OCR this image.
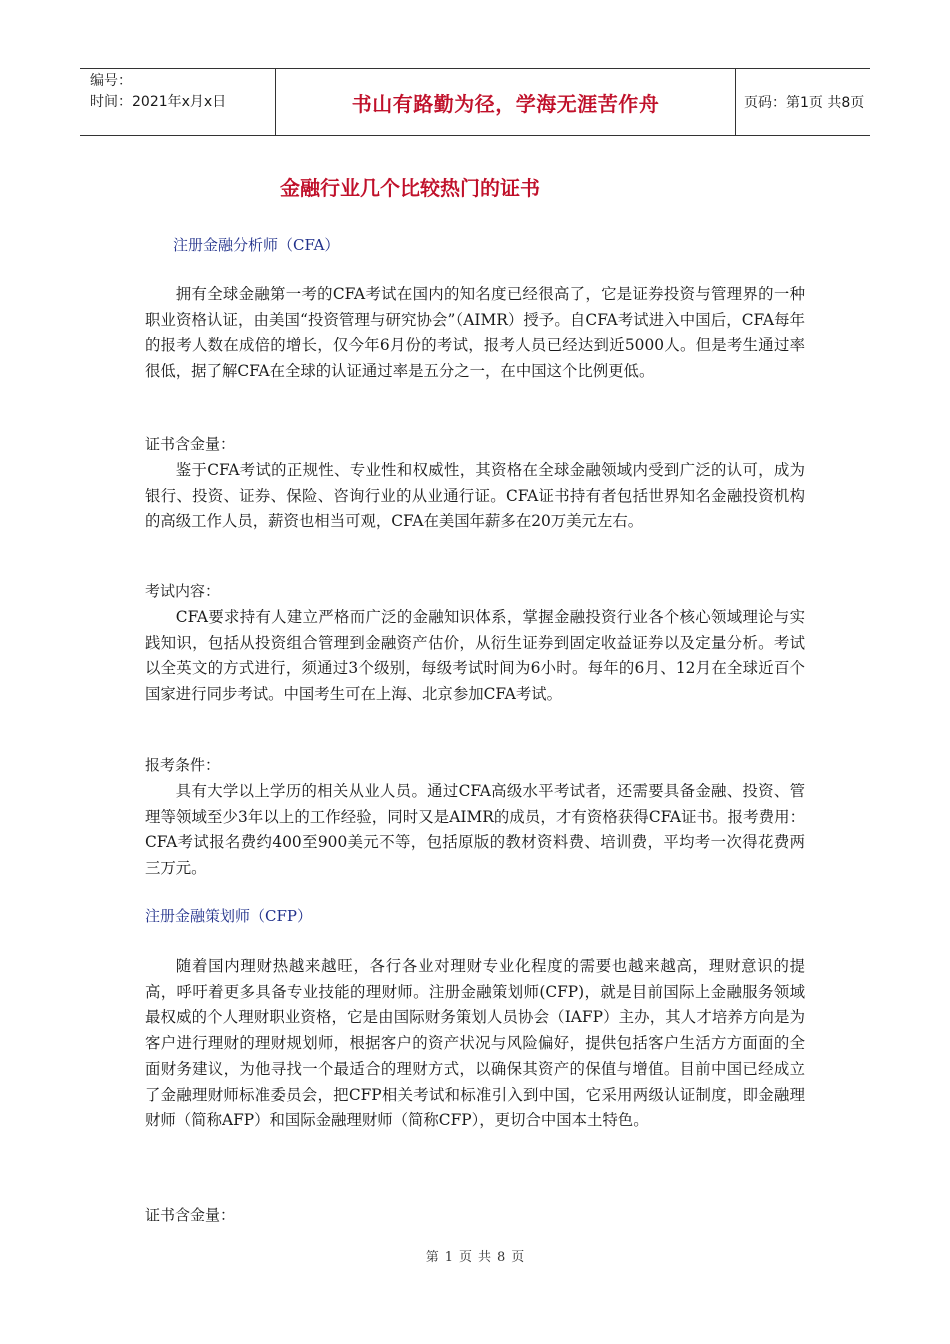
编号：
时间：2021年x月x日	书山有路勤为径，学海无涯苦作舟	页码：第1页 共8页
金融行业几个比较热门的证书
注册金融分析师（CFA）

拥有全球金融第一考的CFA考试在国内的知名度已经很高了，它是证券投资与管理界的一种职业资格认证，由美国“投资管理与研究协会”（AIMR）授予。自CFA考试进入中国后，CFA每年的报考人数在成倍的增长，仅今年6月份的考试，报考人员已经达到近5000人。但是考生通过率很低，据了解CFA在全球的认证通过率是五分之一，在中国这个比例更低。

证书含金量：

鉴于CFA考试的正规性、专业性和权威性，其资格在全球金融领域内受到广泛的认可，成为银行、投资、证券、保险、咨询行业的从业通行证。CFA证书持有者包括世界知名金融投资机构的高级工作人员，薪资也相当可观，CFA在美国年薪多在20万美元左右。

考试内容：

CFA要求持有人建立严格而广泛的金融知识体系，掌握金融投资行业各个核心领域理论与实践知识，包括从投资组合管理到金融资产估价，从衍生证券到固定收益证券以及定量分析。考试以全英文的方式进行，须通过3个级别，每级考试时间为6小时。每年的6月、12月在全球近百个国家进行同步考试。中国考生可在上海、北京参加CFA考试。

报考条件：

具有大学以上学历的相关从业人员。通过CFA高级水平考试者，还需要具备金融、投资、管理等领域至少3年以上的工作经验，同时又是AIMR的成员，才有资格获得CFA证书。报考费用：CFA考试报名费约400至900美元不等，包括原版的教材资料费、培训费，平均考一次得花费两三万元。

注册金融策划师（CFP）

随着国内理财热越来越旺，各行各业对理财专业化程度的需要也越来越高，理财意识的提高，呼吁着更多具备专业技能的理财师。注册金融策划师(CFP)，就是目前国际上金融服务领域最权威的个人理财职业资格，它是由国际财务策划人员协会（IAFP）主办，其人才培养方向是为客户进行理财的理财规划师，根据客户的资产状况与风险偏好，提供包括客户生活方方面面的全面财务建议，为他寻找一个最适合的理财方式，以确保其资产的保值与增值。目前中国已经成立了金融理财师标准委员会，把CFP相关考试和标准引入到中国，它采用两级认证制度，即金融理财师（简称AFP）和国际金融理财师（简称CFP），更切合中国本土特色。

证书含金量：
第 1 页 共 8 页
